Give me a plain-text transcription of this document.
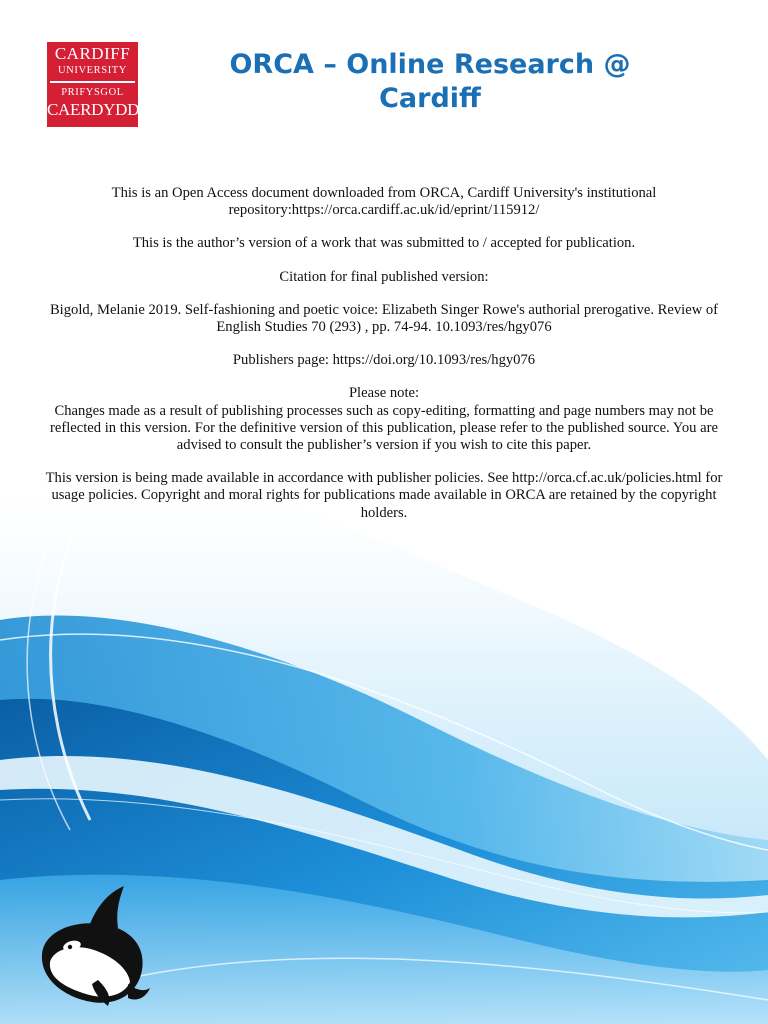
CARDIFF
UNIVERSITY
PRIFYSGOL
CAERDYDD
ORCA – Online Research @ Cardiff

This is an Open Access document downloaded from ORCA, Cardiff University's institutional repository:https://orca.cardiff.ac.uk/id/eprint/115912/

This is the author’s version of a work that was submitted to / accepted for publication.

Citation for final published version:

Bigold, Melanie 2019. Self-fashioning and poetic voice: Elizabeth Singer Rowe's authorial prerogative. Review of English Studies 70 (293) , pp. 74-94. 10.1093/res/hgy076

Publishers page: https://doi.org/10.1093/res/hgy076

Please note:
Changes made as a result of publishing processes such as copy-editing, formatting and page numbers may not be reflected in this version. For the definitive version of this publication, please refer to the published source. You are advised to consult the publisher’s version if you wish to cite this paper.

This version is being made available in accordance with publisher policies. See http://orca.cf.ac.uk/policies.html for usage policies. Copyright and moral rights for publications made available in ORCA are retained by the copyright holders.
